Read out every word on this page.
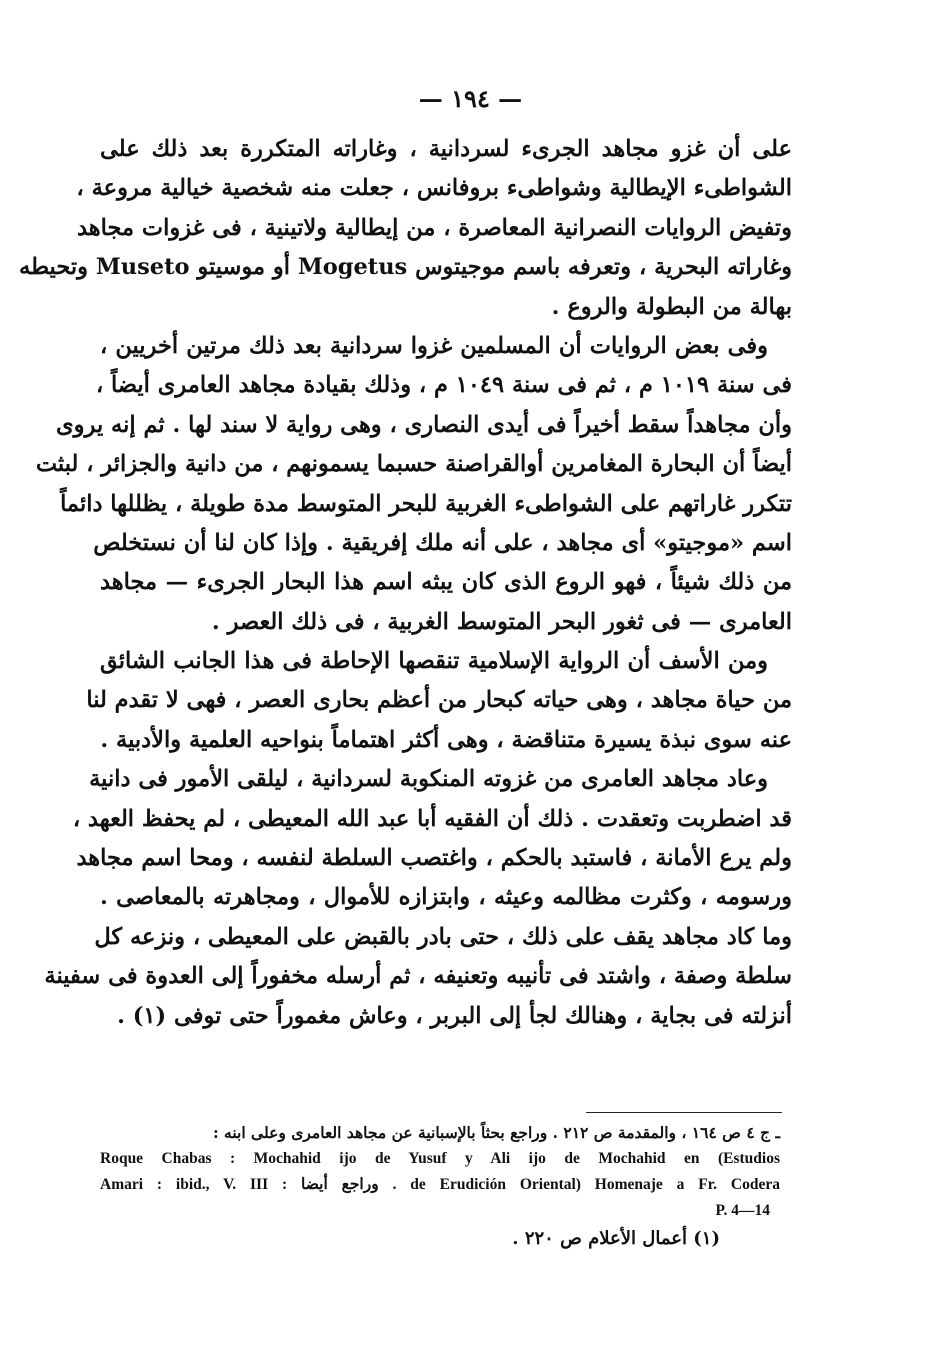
— ١٩٤ —
على أن غزو مجاهد الجرىء لسردانية ، وغاراته المتكررة بعد ذلك على
الشواطىء الإيطالية وشواطىء بروفانس ، جعلت منه شخصية خيالية مروعة ،
وتفيض الروايات النصرانية المعاصرة ، من إيطالية ولاتينية ، فى غزوات مجاهد
وغاراته البحرية ، وتعرفه باسم موجيتوس Mogetus أو موسيتو Museto وتحيطه
بهالة من البطولة والروع .
وفى بعض الروايات أن المسلمين غزوا سردانية بعد ذلك مرتين أخريين ،
فى سنة ١٠١٩ م ، ثم فى سنة ١٠٤٩ م ، وذلك بقيادة مجاهد العامرى أيضاً ،
وأن مجاهداً سقط أخيراً فى أيدى النصارى ، وهى رواية لا سند لها . ثم إنه يروى
أيضاً أن البحارة المغامرين أوالقراصنة حسبما يسمونهم ، من دانية والجزائر ، لبثت
تتكرر غاراتهم على الشواطىء الغربية للبحر المتوسط مدة طويلة ، يظللها دائماً
اسم «موجيتو» أى مجاهد ، على أنه ملك إفريقية . وإذا كان لنا أن نستخلص
من ذلك شيئاً ، فهو الروع الذى كان يبثه اسم هذا البحار الجرىء — مجاهد
العامرى — فى ثغور البحر المتوسط الغربية ، فى ذلك العصر .
ومن الأسف أن الرواية الإسلامية تنقصها الإحاطة فى هذا الجانب الشائق
من حياة مجاهد ، وهى حياته كبحار من أعظم بحارى العصر ، فهى لا تقدم لنا
عنه سوى نبذة يسيرة متناقضة ، وهى أكثر اهتماماً بنواحيه العلمية والأدبية .
وعاد مجاهد العامرى من غزوته المنكوبة لسردانية ، ليلقى الأمور فى دانية
قد اضطربت وتعقدت . ذلك أن الفقيه أبا عبد الله المعيطى ، لم يحفظ العهد ،
ولم يرع الأمانة ، فاستبد بالحكم ، واغتصب السلطة لنفسه ، ومحا اسم مجاهد
ورسومه ، وكثرت مظالمه وعيثه ، وابتزازه للأموال ، ومجاهرته بالمعاصى .
وما كاد مجاهد يقف على ذلك ، حتى بادر بالقبض على المعيطى ، ونزعه كل
سلطة وصفة ، واشتد فى تأنيبه وتعنيفه ، ثم أرسله مخفوراً إلى العدوة فى سفينة
أنزلته فى بجاية ، وهنالك لجأ إلى البربر ، وعاش مغموراً حتى توفى (١) .
ـ ج ٤ ص ١٦٤ ، والمقدمة ص ٢١٢ . وراجع بحثاً بالإسبانية عن مجاهد العامرى وعلى ابنه :
Roque Chabas : Mochahid ijo de Yusuf y Ali ijo de Mochahid en (Estudios
Amari : ibid., V. III : وراجع أيضا . de Erudición Oriental) Homenaje a Fr. Codera
P. 4—14
(١) أعمال الأعلام ص ٢٢٠ .
